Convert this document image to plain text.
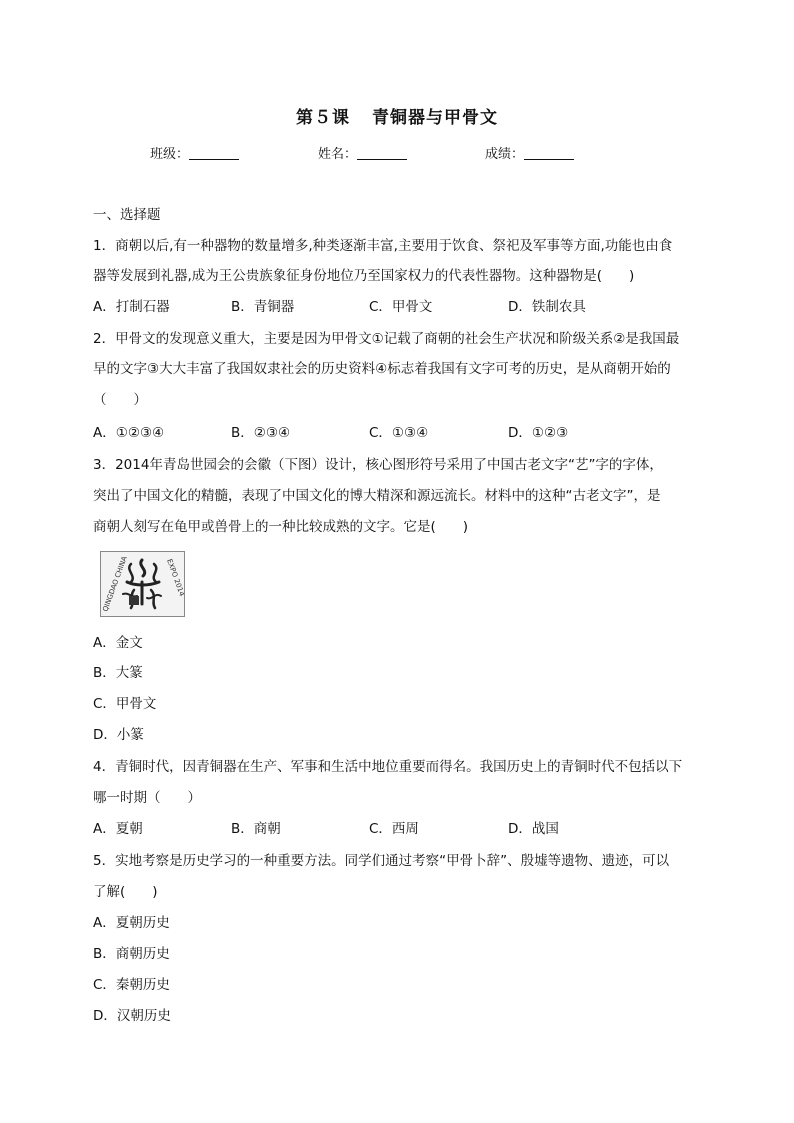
第５课 青铜器与甲骨文
班级：	姓名：	成绩：
一、选择题
1．商朝以后,有一种器物的数量增多,种类逐渐丰富,主要用于饮食、祭祀及军事等方面,功能也由食
器等发展到礼器,成为王公贵族象征身份地位乃至国家权力的代表性器物。这种器物是(　　)
A．打制石器	B．青铜器	C．甲骨文	D．铁制农具
2．甲骨文的发现意义重大，主要是因为甲骨文①记载了商朝的社会生产状况和阶级关系②是我国最
早的文字③大大丰富了我国奴隶社会的历史资料④标志着我国有文字可考的历史，是从商朝开始的
（　　）
A．①②③④	B．②③④	C．①③④	D．①②③
3．2014年青岛世园会的会徽（下图）设计，核心图形符号采用了中国古老文字“艺”字的字体，
突出了中国文化的精髓，表现了中国文化的博大精深和源远流长。材料中的这种“古老文字”，是
商朝人刻写在龟甲或兽骨上的一种比较成熟的文字。它是(　　)
QINGDAO CHINA	EXPO 2014
A．金文
B．大篆
C．甲骨文
D．小篆
4．青铜时代，因青铜器在生产、军事和生活中地位重要而得名。我国历史上的青铜时代不包括以下
哪一时期（　　）
A．夏朝	B．商朝	C．西周	D．战国
5．实地考察是历史学习的一种重要方法。同学们通过考察“甲骨卜辞”、殷墟等遗物、遗迹，可以
了解(　　)
A．夏朝历史
B．商朝历史
C．秦朝历史
D．汉朝历史
